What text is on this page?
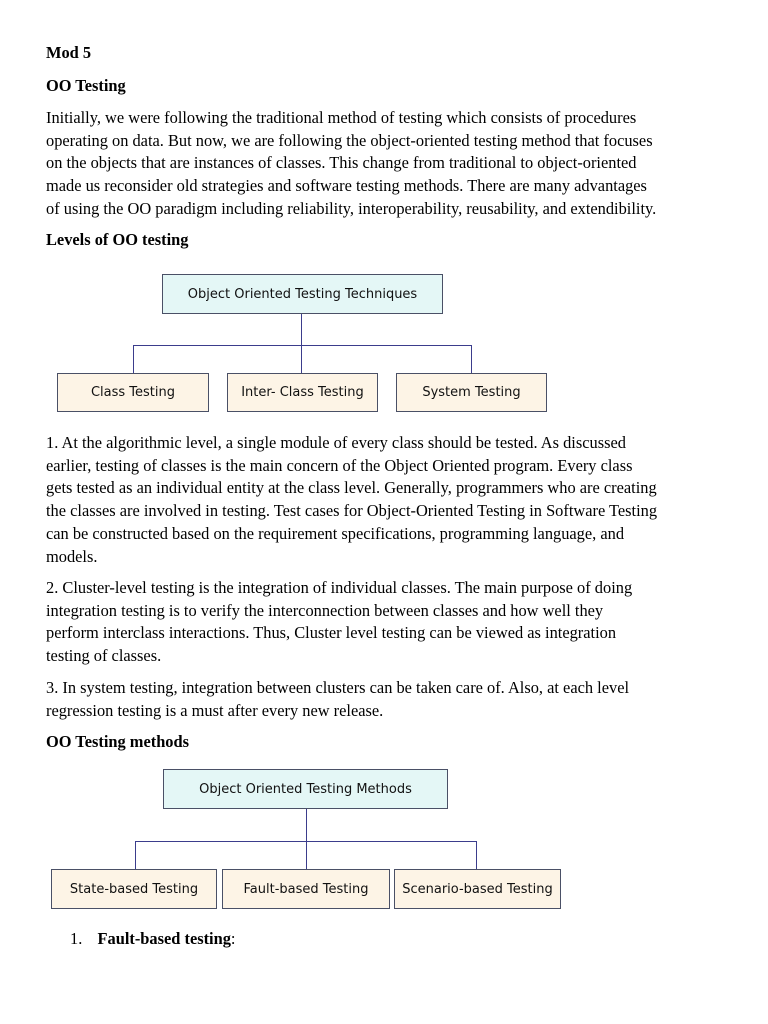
Mod 5
OO Testing
Initially, we were following the traditional method of testing which consists of procedures
operating on data. But now, we are following the object-oriented testing method that focuses
on the objects that are instances of classes. This change from traditional to object-oriented
made us reconsider old strategies and software testing methods. There are many advantages
of using the OO paradigm including reliability, interoperability, reusability, and extendibility.
Levels of OO testing
1. At the algorithmic level, a single module of every class should be tested. As discussed
earlier, testing of classes is the main concern of the Object Oriented program. Every class
gets tested as an individual entity at the class level. Generally, programmers who are creating
the classes are involved in testing. Test cases for Object-Oriented Testing in Software Testing
can be constructed based on the requirement specifications, programming language, and
models.
2. Cluster-level testing is the integration of individual classes. The main purpose of doing
integration testing is to verify the interconnection between classes and how well they
perform interclass interactions. Thus, Cluster level testing can be viewed as integration
testing of classes.
3. In system testing, integration between clusters can be taken care of. Also, at each level
regression testing is a must after every new release.
OO Testing methods
Object Oriented Testing Techniques
Class Testing	Inter- Class Testing	System Testing
Object Oriented Testing Methods
State-based Testing	Fault-based Testing	Scenario-based Testing
1. Fault-based testing:
